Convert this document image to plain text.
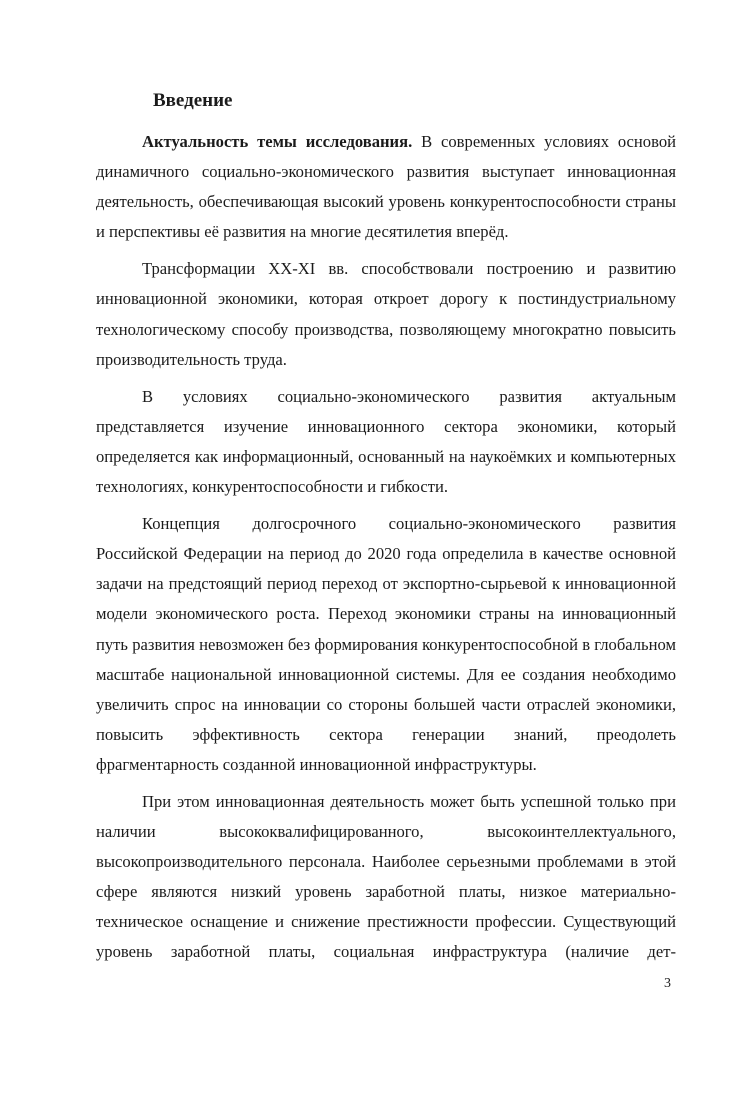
Введение

Актуальность темы исследования. В современных условиях основой динамичного социально-экономического развития выступает инновационная деятельность, обеспечивающая высокий уровень конкурентоспособности страны и перспективы её развития на многие десятилетия вперёд.

Трансформации XX-XI вв. способствовали построению и развитию инновационной экономики, которая откроет дорогу к постиндустриальному технологическому способу производства, позволяющему многократно повысить производительность труда.

В условиях социально-экономического развития актуальным представляется изучение инновационного сектора экономики, который определяется как информационный, основанный на наукоёмких и компьютерных технологиях, конкурентоспособности и гибкости.

Концепция долгосрочного социально-экономического развития Российской Федерации на период до 2020 года определила в качестве основной задачи на предстоящий период переход от экспортно-сырьевой к инновационной модели экономического роста. Переход экономики страны на инновационный путь развития невозможен без формирования конкурентоспособной в глобальном масштабе национальной инновационной системы. Для ее создания необходимо увеличить спрос на инновации со стороны большей части отраслей экономики, повысить эффективность сектора генерации знаний, преодолеть фрагментарность созданной инновационной инфраструктуры.

При этом инновационная деятельность может быть успешной только при наличии высококвалифицированного, высокоинтеллектуального, высокопроизводительного персонала. Наиболее серьезными проблемами в этой сфере являются низкий уровень заработной платы, низкое материально-техническое оснащение и снижение престижности профессии. Существующий уровень заработной платы, социальная инфраструктура (наличие дет-

3
